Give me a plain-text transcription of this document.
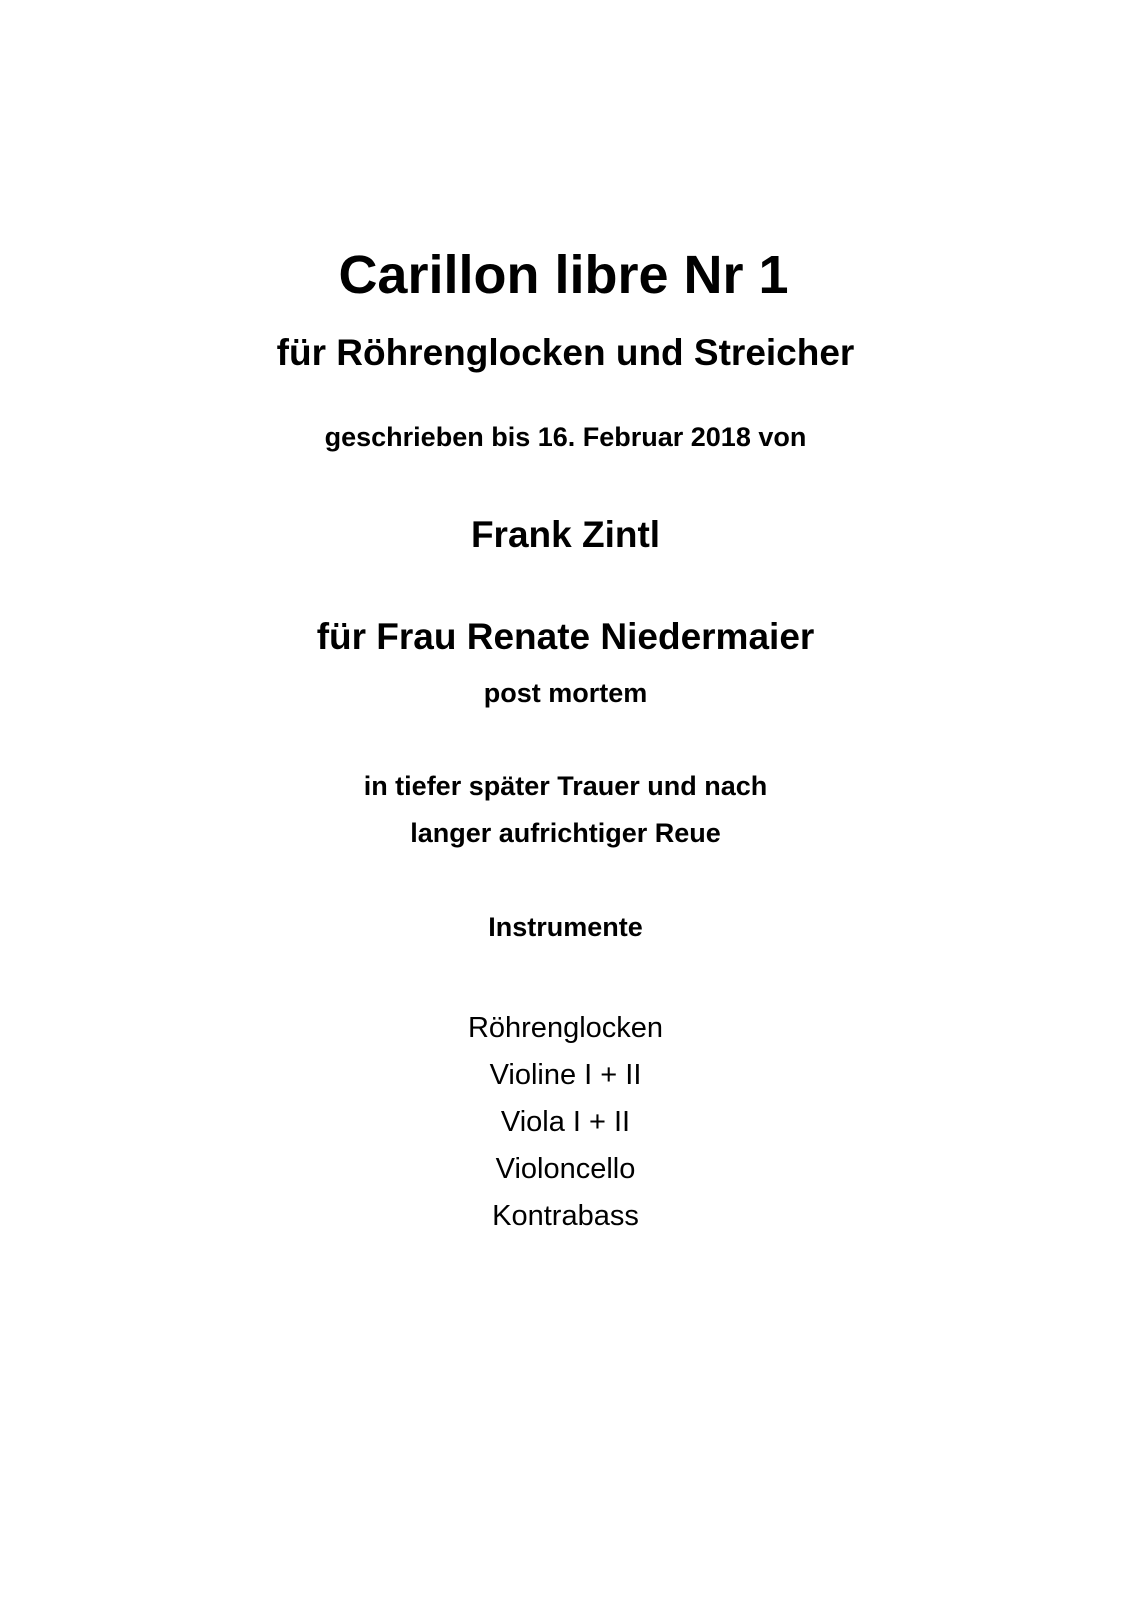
Carillon libre Nr 1
für Röhrenglocken und Streicher
geschrieben bis 16. Februar 2018 von
Frank Zintl
für Frau Renate Niedermaier
post mortem
in tiefer später Trauer und nach
langer aufrichtiger Reue
Instrumente
Röhrenglocken
Violine I + II
Viola I + II
Violoncello
Kontrabass
